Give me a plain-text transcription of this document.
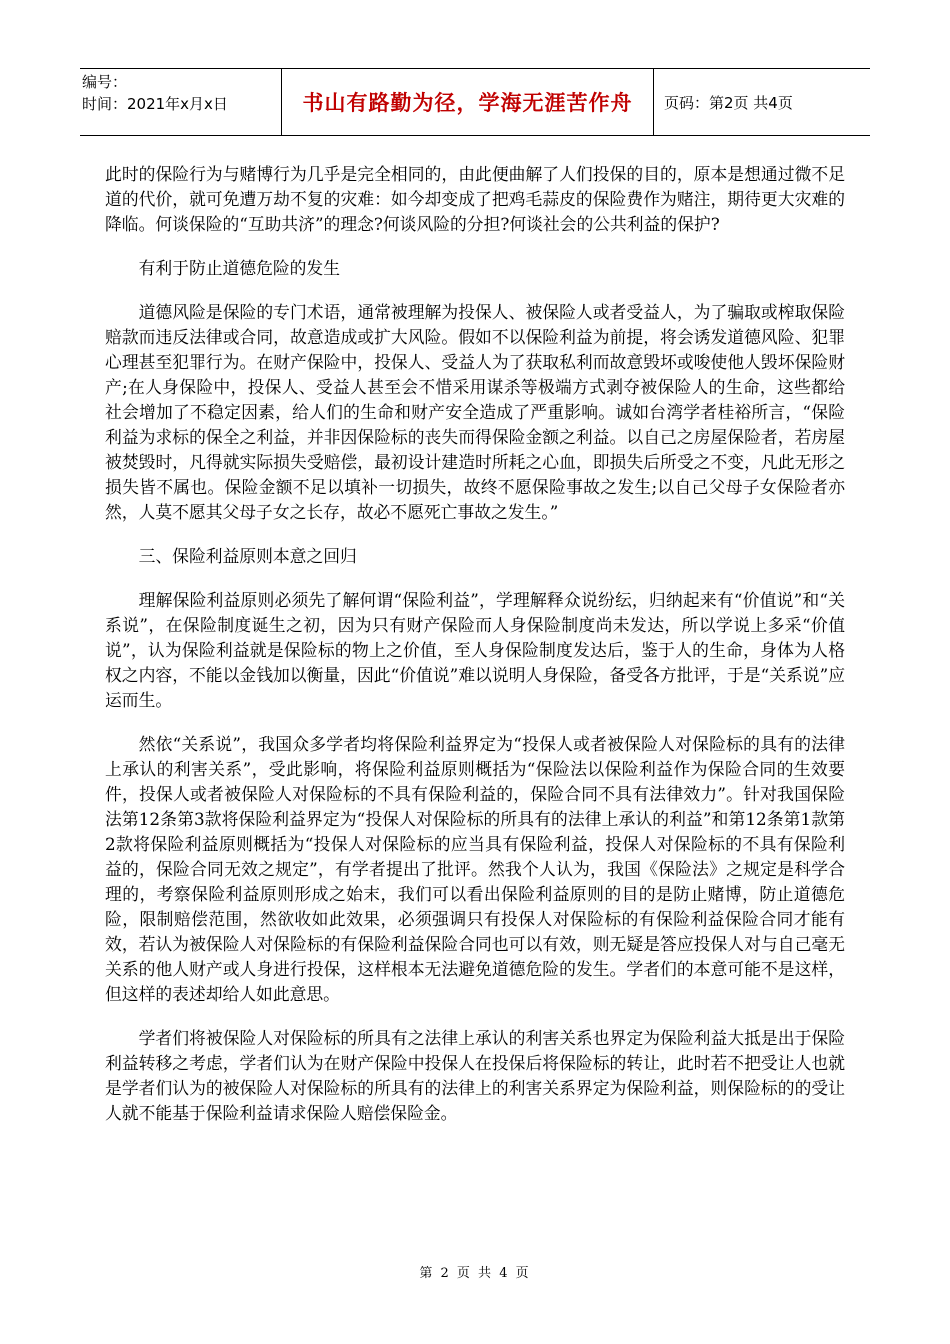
编号：
时间：2021年x月x日	书山有路勤为径，学海无涯苦作舟	页码：第2页 共4页

此时的保险行为与赌博行为几乎是完全相同的，由此便曲解了人们投保的目的，原本是想通过微不足道的代价，就可免遭万劫不复的灾难：如今却变成了把鸡毛蒜皮的保险费作为赌注，期待更大灾难的降临。何谈保险的“互助共济”的理念?何谈风险的分担?何谈社会的公共利益的保护?

有利于防止道德危险的发生

道德风险是保险的专门术语，通常被理解为投保人、被保险人或者受益人，为了骗取或榨取保险赔款而违反法律或合同，故意造成或扩大风险。假如不以保险利益为前提，将会诱发道德风险、犯罪心理甚至犯罪行为。在财产保险中，投保人、受益人为了获取私利而故意毁坏或唆使他人毁坏保险财产;在人身保险中，投保人、受益人甚至会不惜采用谋杀等极端方式剥夺被保险人的生命，这些都给社会增加了不稳定因素，给人们的生命和财产安全造成了严重影响。诚如台湾学者桂裕所言，“保险利益为求标的保全之利益，并非因保险标的丧失而得保险金额之利益。以自己之房屋保险者，若房屋被焚毁时，凡得就实际损失受赔偿，最初设计建造时所耗之心血，即损失后所受之不变，凡此无形之损失皆不属也。保险金额不足以填补一切损失，故终不愿保险事故之发生;以自己父母子女保险者亦然，人莫不愿其父母子女之长存，故必不愿死亡事故之发生。”

三、保险利益原则本意之回归

理解保险利益原则必须先了解何谓“保险利益”，学理解释众说纷纭，归纳起来有“价值说”和“关系说”，在保险制度诞生之初，因为只有财产保险而人身保险制度尚未发达，所以学说上多采“价值说”，认为保险利益就是保险标的物上之价值，至人身保险制度发达后，鉴于人的生命，身体为人格权之内容，不能以金钱加以衡量，因此“价值说”难以说明人身保险，备受各方批评，于是“关系说”应运而生。

然依“关系说”，我国众多学者均将保险利益界定为“投保人或者被保险人对保险标的具有的法律上承认的利害关系”，受此影响，将保险利益原则概括为“保险法以保险利益作为保险合同的生效要件，投保人或者被保险人对保险标的不具有保险利益的，保险合同不具有法律效力”。针对我国保险法第12条第3款将保险利益界定为“投保人对保险标的所具有的法律上承认的利益”和第12条第1款第2款将保险利益原则概括为“投保人对保险标的应当具有保险利益，投保人对保险标的不具有保险利益的，保险合同无效之规定”，有学者提出了批评。然我个人认为，我国《保险法》之规定是科学合理的，考察保险利益原则形成之始末，我们可以看出保险利益原则的目的是防止赌博，防止道德危险，限制赔偿范围，然欲收如此效果，必须强调只有投保人对保险标的有保险利益保险合同才能有效，若认为被保险人对保险标的有保险利益保险合同也可以有效，则无疑是答应投保人对与自己毫无关系的他人财产或人身进行投保，这样根本无法避免道德危险的发生。学者们的本意可能不是这样，但这样的表述却给人如此意思。

学者们将被保险人对保险标的所具有之法律上承认的利害关系也界定为保险利益大抵是出于保险利益转移之考虑，学者们认为在财产保险中投保人在投保后将保险标的转让，此时若不把受让人也就是学者们认为的被保险人对保险标的所具有的法律上的利害关系界定为保险利益，则保险标的的受让人就不能基于保险利益请求保险人赔偿保险金。

第 2 页 共 4 页
